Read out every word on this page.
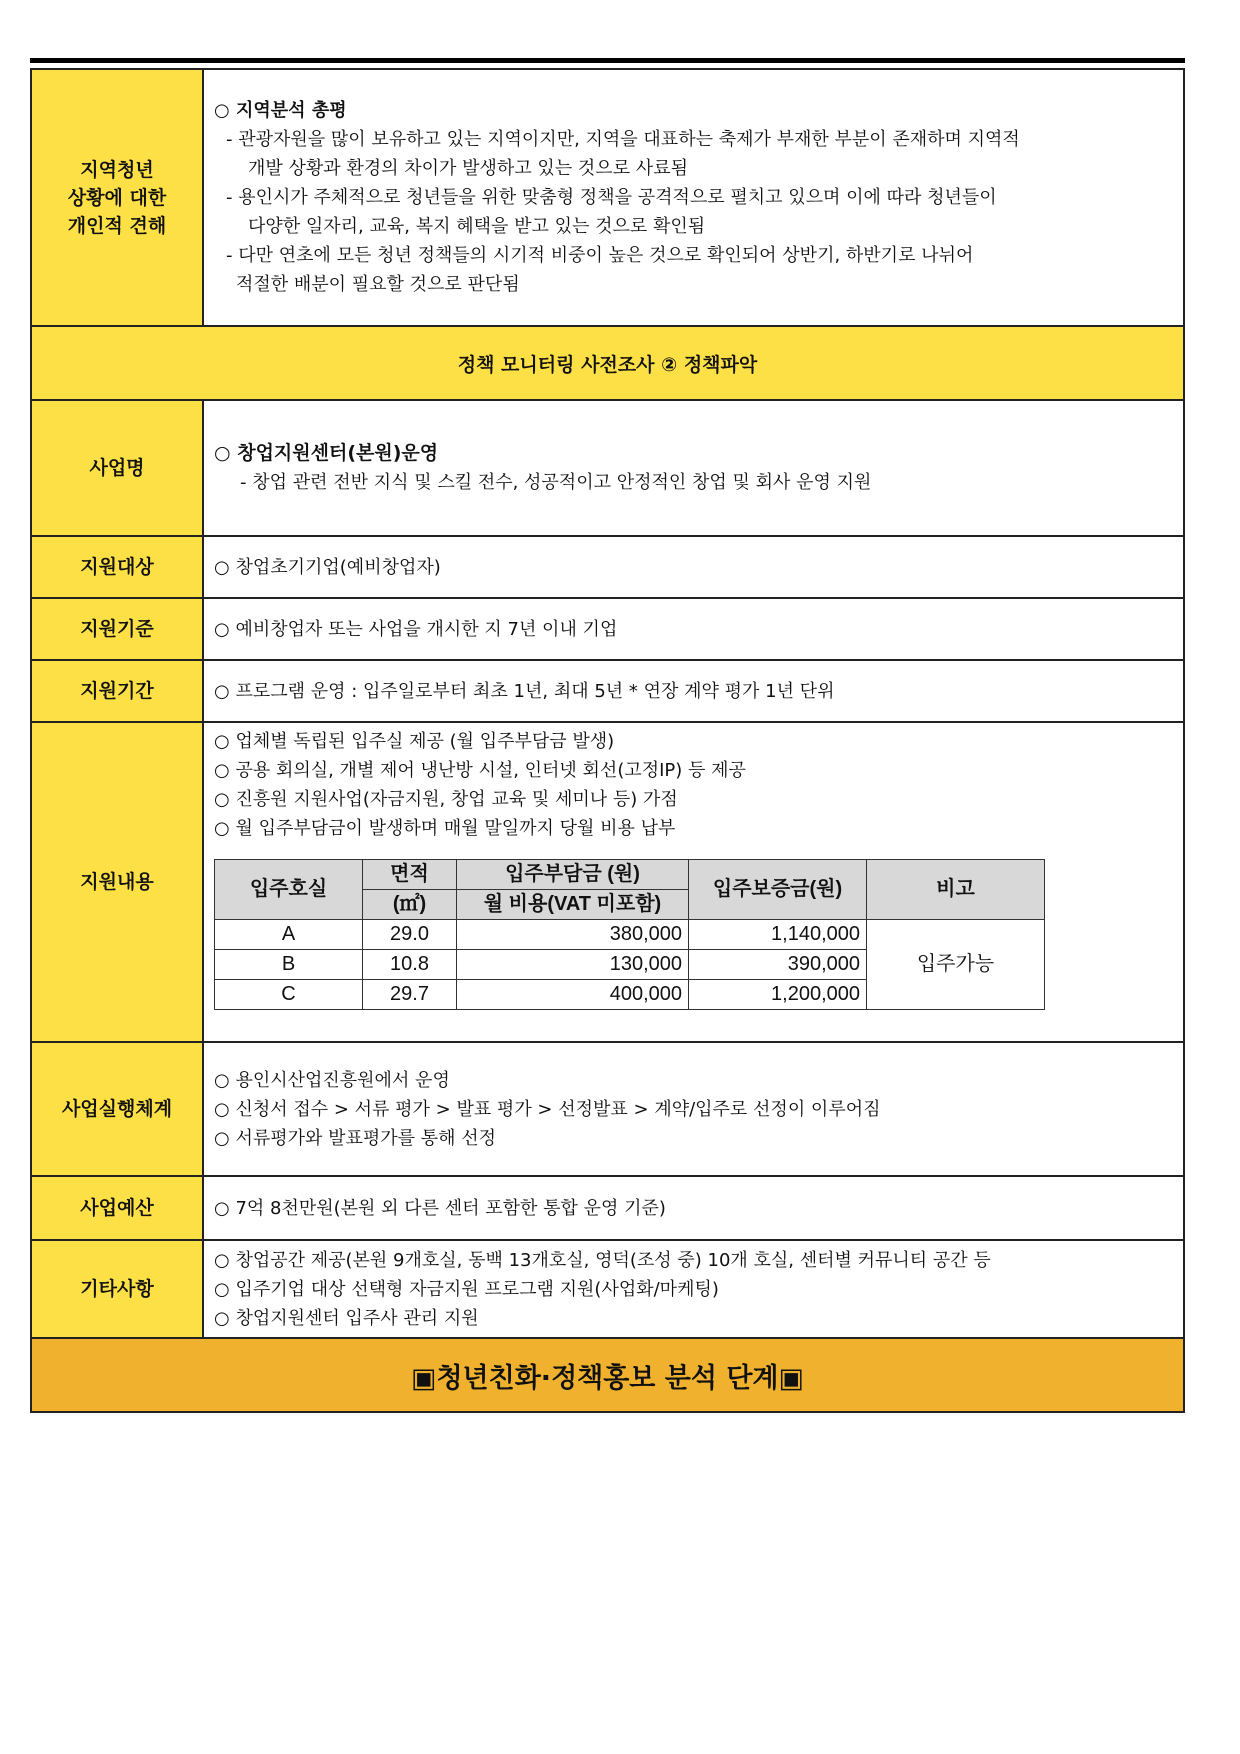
지역청년
상황에 대한
개인적 견해	
○ 지역분석 총평
- 관광자원을 많이 보유하고 있는 지역이지만, 지역을 대표하는 축제가 부재한 부분이 존재하며 지역적
개발 상황과 환경의 차이가 발생하고 있는 것으로 사료됨
- 용인시가 주체적으로 청년들을 위한 맞춤형 정책을 공격적으로 펼치고 있으며 이에 따라 청년들이
다양한 일자리, 교육, 복지 혜택을 받고 있는 것으로 확인됨
- 다만 연초에 모든 청년 정책들의 시기적 비중이 높은 것으로 확인되어 상반기, 하반기로 나뉘어
적절한 배분이 필요할 것으로 판단됨

정책 모니터링 사전조사 ② 정책파악
사업명	
○ 창업지원센터(본원)운영
- 창업 관련 전반 지식 및 스킬 전수, 성공적이고 안정적인 창업 및 회사 운영 지원

지원대상	○ 창업초기기업(예비창업자)

지원기준	○ 예비창업자 또는 사업을 개시한 지 7년 이내 기업

지원기간	○ 프로그램 운영 : 입주일로부터 최초 1년, 최대 5년 * 연장 계약 평가 1년 단위

지원내용	
○ 업체별 독립된 입주실 제공 (월 입주부담금 발생)
○ 공용 회의실, 개별 제어 냉난방 시설, 인터넷 회선(고정IP) 등 제공
○ 진흥원 지원사업(자금지원, 창업 교육 및 세미나 등) 가점
○ 월 입주부담금이 발생하며 매월 말일까지 당월 비용 납부
입주호실	면적	입주부담금 (원)	입주보증금(원)	비고
(㎡)	월 비용(VAT 미포함)
A	29.0	380,000	1,140,000	입주가능
B	10.8	130,000	390,000
C	29.7	400,000	1,200,000

사업실행체계	
○ 용인시산업진흥원에서 운영
○ 신청서 접수 > 서류 평가 > 발표 평가 > 선정발표 > 계약/입주로 선정이 이루어짐
○ 서류평가와 발표평가를 통해 선정

사업예산	○ 7억 8천만원(본원 외 다른 센터 포함한 통합 운영 기준)

기타사항	
○ 창업공간 제공(본원 9개호실, 동백 13개호실, 영덕(조성 중) 10개 호실, 센터별 커뮤니티 공간 등
○ 입주기업 대상 선택형 자금지원 프로그램 지원(사업화/마케팅)
○ 창업지원센터 입주사 관리 지원

▣청년친화·정책홍보 분석 단계▣
